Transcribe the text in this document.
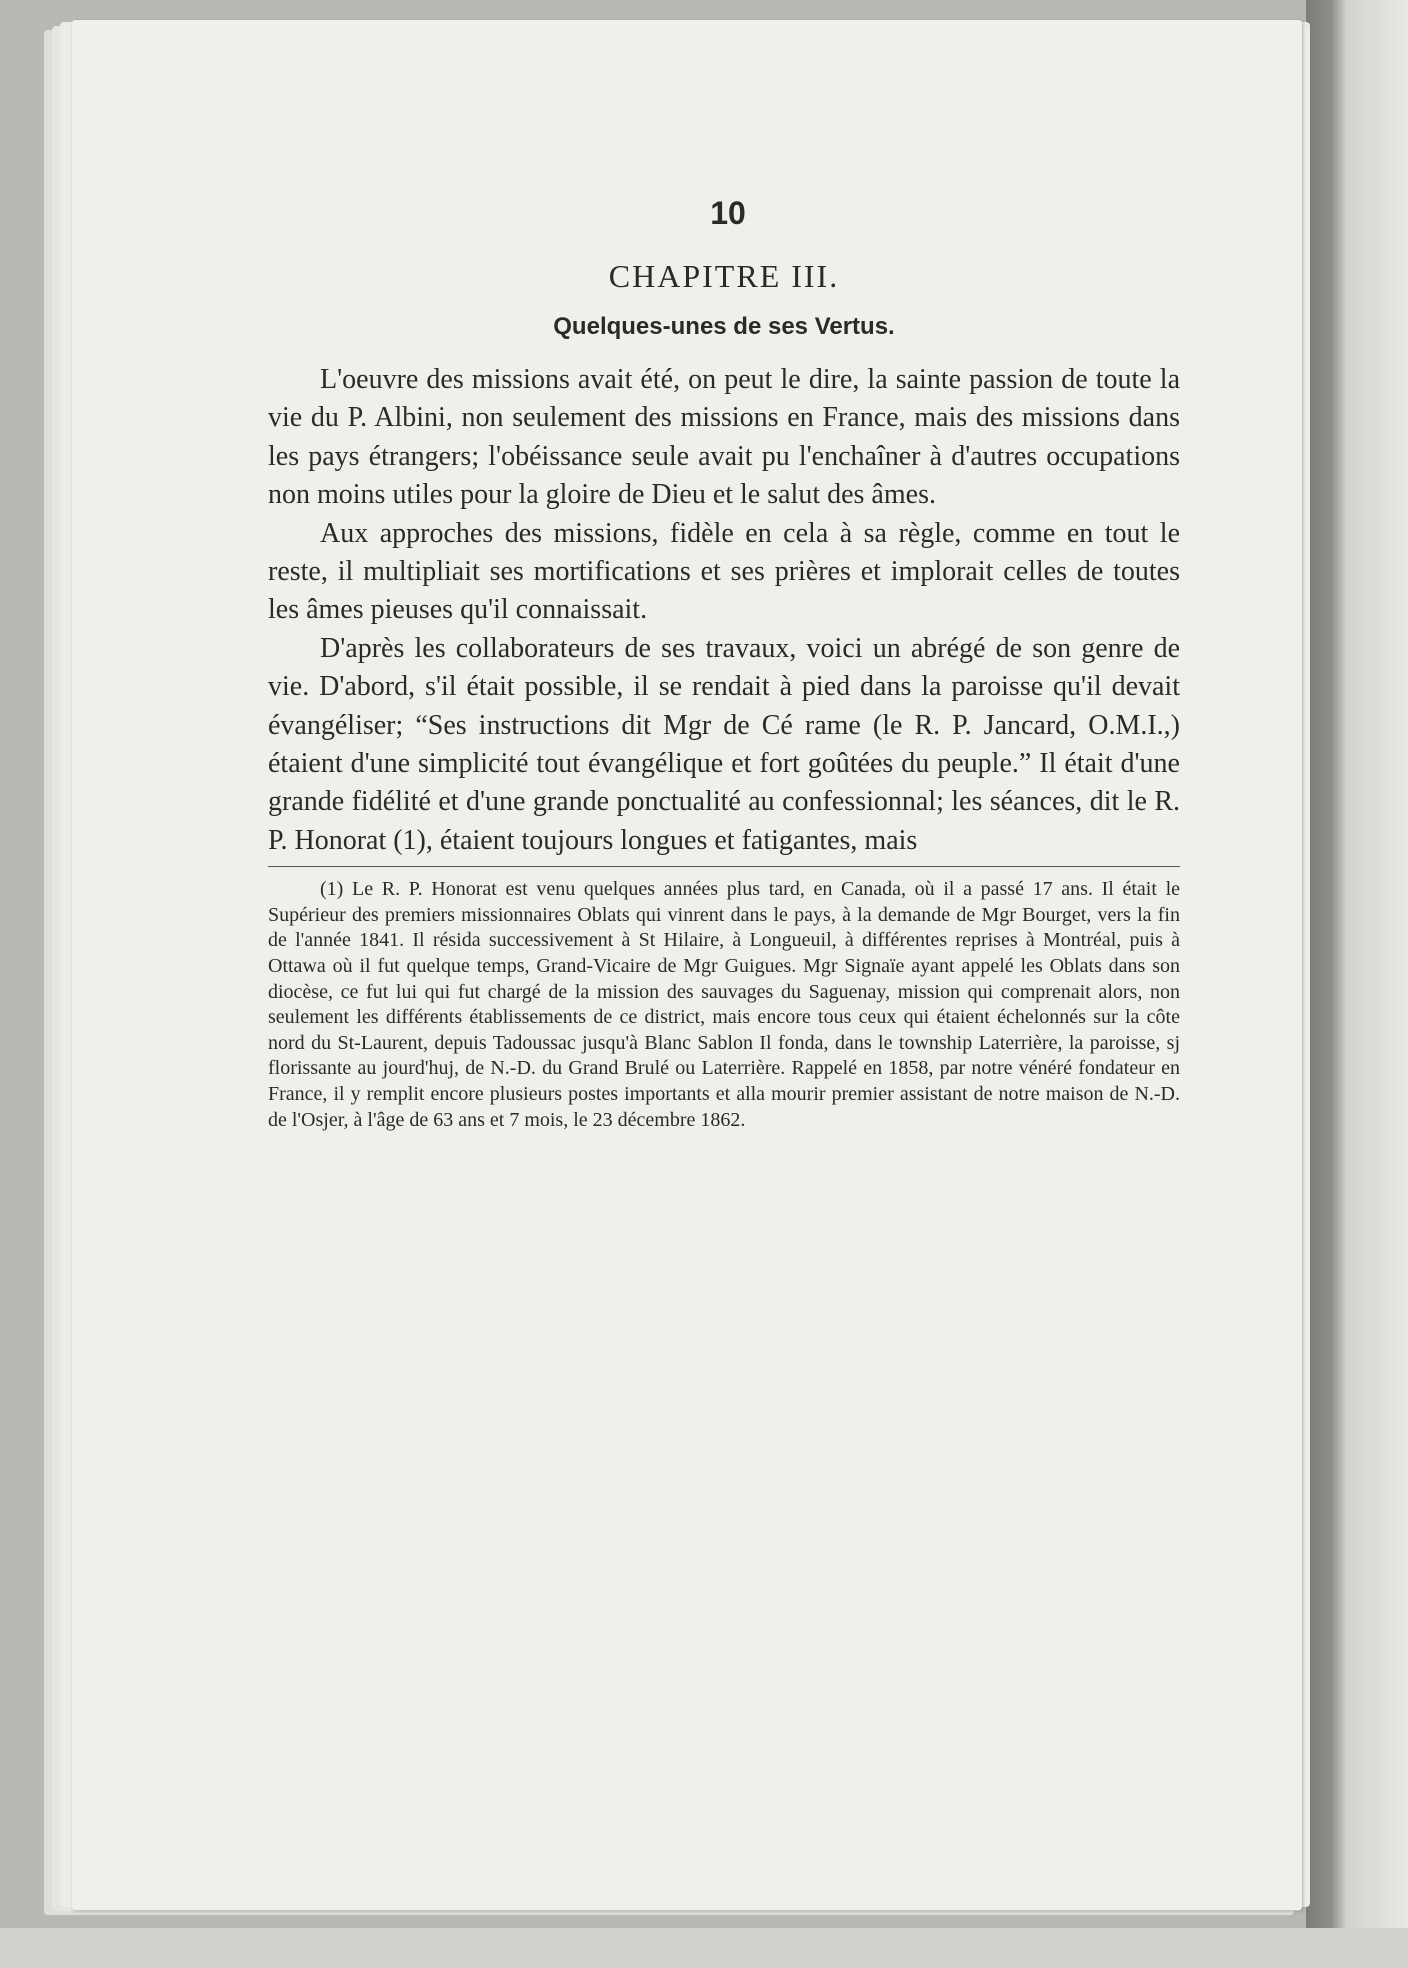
10
CHAPITRE III.
Quelques-unes de ses Vertus.

L'oeuvre des missions avait été, on peut le dire, la sainte passion de toute la vie du P. Albini, non seulement des missions en France, mais des missions dans les pays étrangers; l'obéissance seule avait pu l'enchaîner à d'autres occupations non moins utiles pour la gloire de Dieu et le salut des âmes.

Aux approches des missions, fidèle en cela à sa règle, comme en tout le reste, il multipliait ses mortifications et ses prières et implorait celles de toutes les âmes pieuses qu'il connaissait.

D'après les collaborateurs de ses travaux, voici un abrégé de son genre de vie. D'abord, s'il était possible, il se rendait à pied dans la paroisse qu'il devait évangéliser; “Ses instructions dit Mgr de Cé rame (le R. P. Jancard, O.M.I.,) étaient d'une simplicité tout évangélique et fort goûtées du peuple.” Il était d'une grande fidélité et d'une grande ponctualité au confessionnal; les séances, dit le R. P. Honorat (1), étaient toujours longues et fatigantes, mais

(1) Le R. P. Honorat est venu quelques années plus tard, en Canada, où il a passé 17 ans. Il était le Supérieur des premiers missionnaires Oblats qui vinrent dans le pays, à la demande de Mgr Bourget, vers la fin de l'année 1841. Il résida successivement à St Hilaire, à Longueuil, à différentes reprises à Montréal, puis à Ottawa où il fut quelque temps, Grand-Vicaire de Mgr Guigues. Mgr Signaïe ayant appelé les Oblats dans son diocèse, ce fut lui qui fut chargé de la mission des sauvages du Saguenay, mission qui comprenait alors, non seulement les différents établissements de ce district, mais encore tous ceux qui étaient échelonnés sur la côte nord du St-Laurent, depuis Tadoussac jusqu'à Blanc Sablon Il fonda, dans le township Laterrière, la paroisse, sj florissante au jourd'huj, de N.-D. du Grand Brulé ou Laterrière. Rappelé en 1858, par notre vénéré fondateur en France, il y remplit encore plusieurs postes importants et alla mourir premier assistant de notre maison de N.-D. de l'Osjer, à l'âge de 63 ans et 7 mois, le 23 décembre 1862.
